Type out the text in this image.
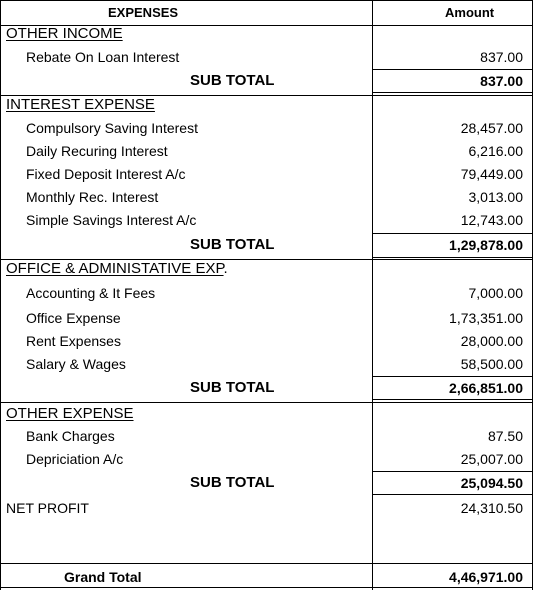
EXPENSES	Amount
OTHER INCOME
Rebate On Loan Interest	837.00
SUB TOTAL	837.00
INTEREST EXPENSE
Compulsory Saving Interest	28,457.00
Daily Recuring Interest	6,216.00
Fixed Deposit Interest A/c	79,449.00
Monthly Rec. Interest	3,013.00
Simple Savings Interest A/c	12,743.00
SUB TOTAL	1,29,878.00
OFFICE & ADMINISTATIVE EXP.
Accounting & It Fees	7,000.00
Office Expense	1,73,351.00
Rent Expenses	28,000.00
Salary & Wages	58,500.00
SUB TOTAL	2,66,851.00
OTHER EXPENSE
Bank Charges	87.50
Depriciation A/c	25,007.00
SUB TOTAL	25,094.50
NET PROFIT	24,310.50
Grand Total	4,46,971.00
